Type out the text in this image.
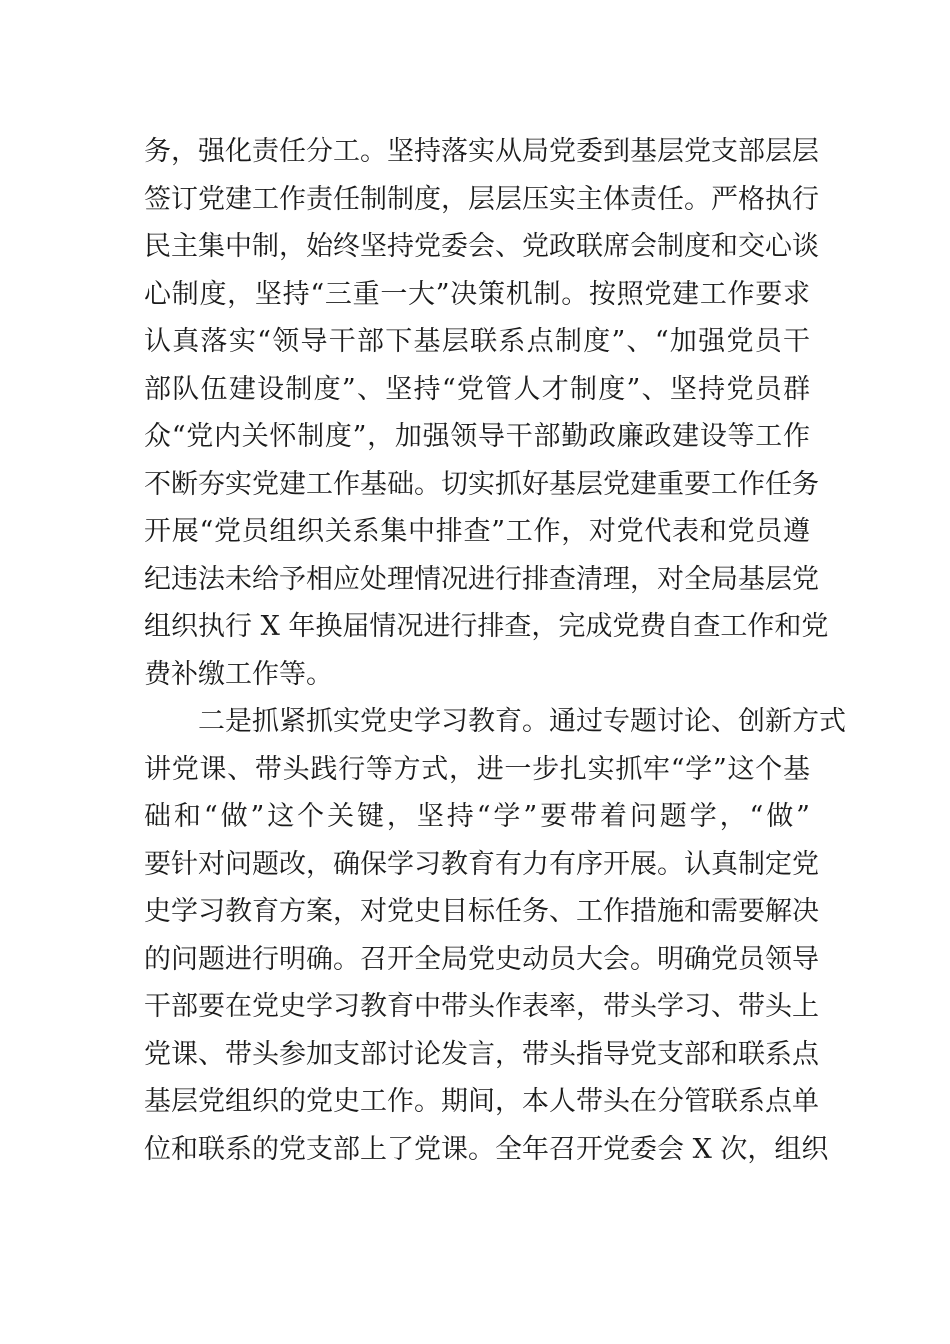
务，强化责任分工。坚持落实从局党委到基层党支部层层
签订党建工作责任制制度，层层压实主体责任。严格执行
民主集中制，始终坚持党委会、党政联席会制度和交心谈
心制度，坚持“三重一大”决策机制。按照党建工作要求
认真落实“领导干部下基层联系点制度”、“加强党员干
部队伍建设制度”、坚持“党管人才制度”、坚持党员群
众“党内关怀制度”，加强领导干部勤政廉政建设等工作
不断夯实党建工作基础。切实抓好基层党建重要工作任务
开展“党员组织关系集中排查”工作，对党代表和党员遵
纪违法未给予相应处理情况进行排查清理，对全局基层党
组织执行 X 年换届情况进行排查，完成党费自查工作和党
费补缴工作等。
二是抓紧抓实党史学习教育。通过专题讨论、创新方式
讲党课、带头践行等方式，进一步扎实抓牢“学”这个基
础和“做”这个关键，坚持“学”要带着问题学，“做”
要针对问题改，确保学习教育有力有序开展。认真制定党
史学习教育方案，对党史目标任务、工作措施和需要解决
的问题进行明确。召开全局党史动员大会。明确党员领导
干部要在党史学习教育中带头作表率，带头学习、带头上
党课、带头参加支部讨论发言，带头指导党支部和联系点
基层党组织的党史工作。期间，本人带头在分管联系点单
位和联系的党支部上了党课。全年召开党委会 X 次，组织
